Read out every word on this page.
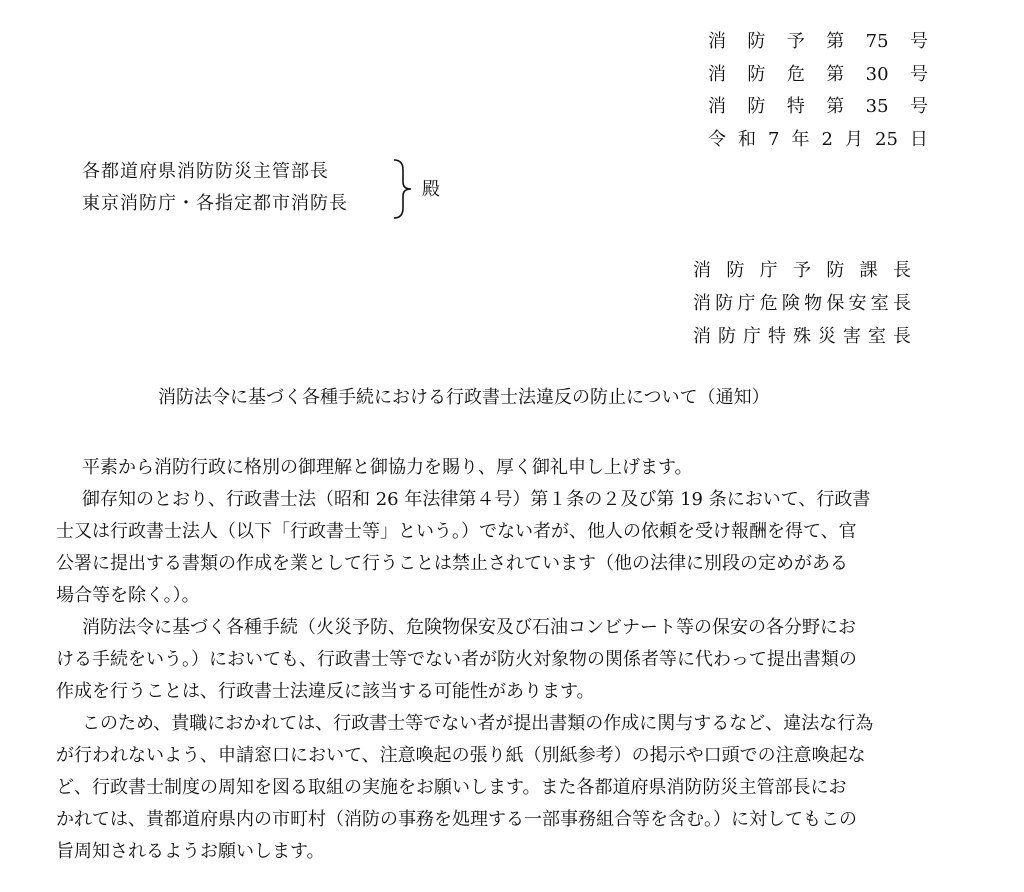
消 防 予 第 75 号
消 防 危 第 30 号
消 防 特 第 35 号
令 和 7 年 2 月 25 日
各都道府県消防防災主管部長
東京消防庁・各指定都市消防長
殿
消 防 庁 予 防 課 長
消 防 庁 危 険 物 保 安 室 長
消 防 庁 特 殊 災 害 室 長
消防法令に基づく各種手続における行政書士法違反の防止について（通知）
平素から消防行政に格別の御理解と御協力を賜り、厚く御礼申し上げます。
御存知のとおり、行政書士法（昭和 26 年法律第４号）第１条の２及び第 19 条において、行政書
士又は行政書士法人（以下「行政書士等」という。）でない者が、他人の依頼を受け報酬を得て、官
公署に提出する書類の作成を業として行うことは禁止されています（他の法律に別段の定めがある
場合等を除く。）。
消防法令に基づく各種手続（火災予防、危険物保安及び石油コンビナート等の保安の各分野にお
ける手続をいう。）においても、行政書士等でない者が防火対象物の関係者等に代わって提出書類の
作成を行うことは、行政書士法違反に該当する可能性があります。
このため、貴職におかれては、行政書士等でない者が提出書類の作成に関与するなど、違法な行為
が行われないよう、申請窓口において、注意喚起の張り紙（別紙参考）の掲示や口頭での注意喚起な
ど、行政書士制度の周知を図る取組の実施をお願いします。また各都道府県消防防災主管部長にお
かれては、貴都道府県内の市町村（消防の事務を処理する一部事務組合等を含む。）に対してもこの
旨周知されるようお願いします。
